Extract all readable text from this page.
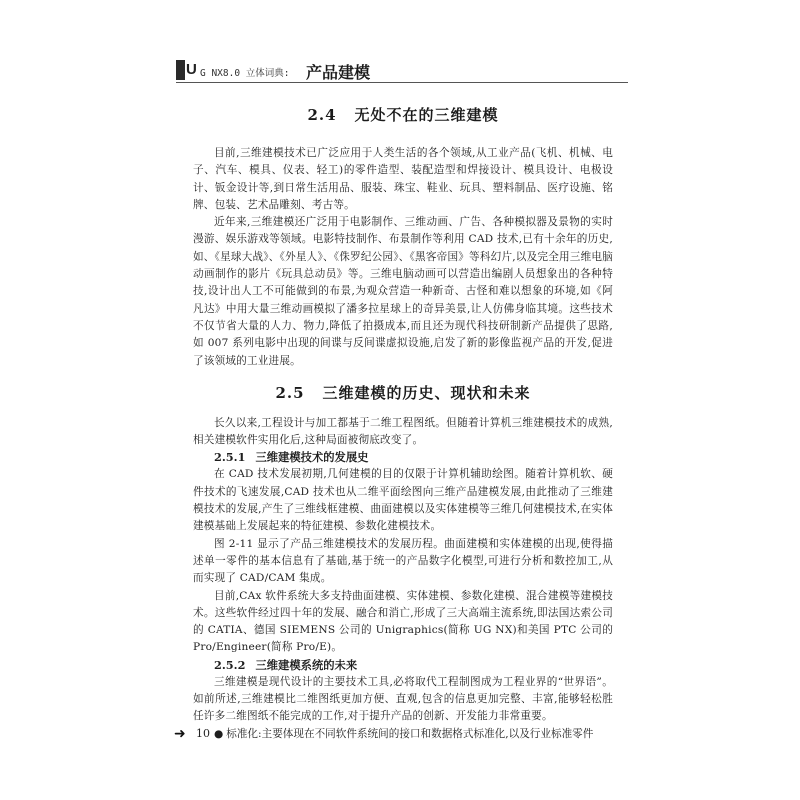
U G NX8.0 立体词典: 产品建模
2.4 无处不在的三维建模

目前,三维建模技术已广泛应用于人类生活的各个领域,从工业产品(飞机、机械、电子、汽车、模具、仪表、轻工)的零件造型、装配造型和焊接设计、模具设计、电极设计、钣金设计等,到日常生活用品、服装、珠宝、鞋业、玩具、塑料制品、医疗设施、铭牌、包装、艺术品雕刻、考古等。

近年来,三维建模还广泛用于电影制作、三维动画、广告、各种模拟器及景物的实时漫游、娱乐游戏等领域。电影特技制作、布景制作等利用 CAD 技术,已有十余年的历史,如、《星球大战》、《外星人》、《侏罗纪公园》、《黑客帝国》等科幻片,以及完全用三维电脑动画制作的影片《玩具总动员》等。三维电脑动画可以营造出编剧人员想象出的各种特技,设计出人工不可能做到的布景,为观众营造一种新奇、古怪和难以想象的环境,如《阿凡达》中用大量三维动画模拟了潘多拉星球上的奇异美景,让人仿佛身临其境。这些技术不仅节省大量的人力、物力,降低了拍摄成本,而且还为现代科技研制新产品提供了思路,如 007 系列电影中出现的间谍与反间谍虚拟设施,启发了新的影像监视产品的开发,促进了该领域的工业进展。

2.5 三维建模的历史、现状和未来

长久以来,工程设计与加工都基于二维工程图纸。但随着计算机三维建模技术的成熟,相关建模软件实用化后,这种局面被彻底改变了。

2.5.1 三维建模技术的发展史

在 CAD 技术发展初期,几何建模的目的仅限于计算机辅助绘图。随着计算机软、硬件技术的飞速发展,CAD 技术也从二维平面绘图向三维产品建模发展,由此推动了三维建模技术的发展,产生了三维线框建模、曲面建模以及实体建模等三维几何建模技术,在实体建模基础上发展起来的特征建模、参数化建模技术。

图 2-11 显示了产品三维建模技术的发展历程。曲面建模和实体建模的出现,使得描述单一零件的基本信息有了基础,基于统一的产品数字化模型,可进行分析和数控加工,从而实现了 CAD/CAM 集成。

目前,CAx 软件系统大多支持曲面建模、实体建模、参数化建模、混合建模等建模技术。这些软件经过四十年的发展、融合和消亡,形成了三大高端主流系统,即法国达索公司的 CATIA、德国 SIEMENS 公司的 Unigraphics(简称 UG NX)和美国 PTC 公司的 Pro/Engineer(简称 Pro/E)。

2.5.2 三维建模系统的未来

三维建模是现代设计的主要技术工具,必将取代工程制图成为工程业界的“世界语”。如前所述,三维建模比二维图纸更加方便、直观,包含的信息更加完整、丰富,能够轻松胜任许多二维图纸不能完成的工作,对于提升产品的创新、开发能力非常重要。

● 标准化:主要体现在不同软件系统间的接口和数据格式标准化,以及行业标准零件

➜ 10
